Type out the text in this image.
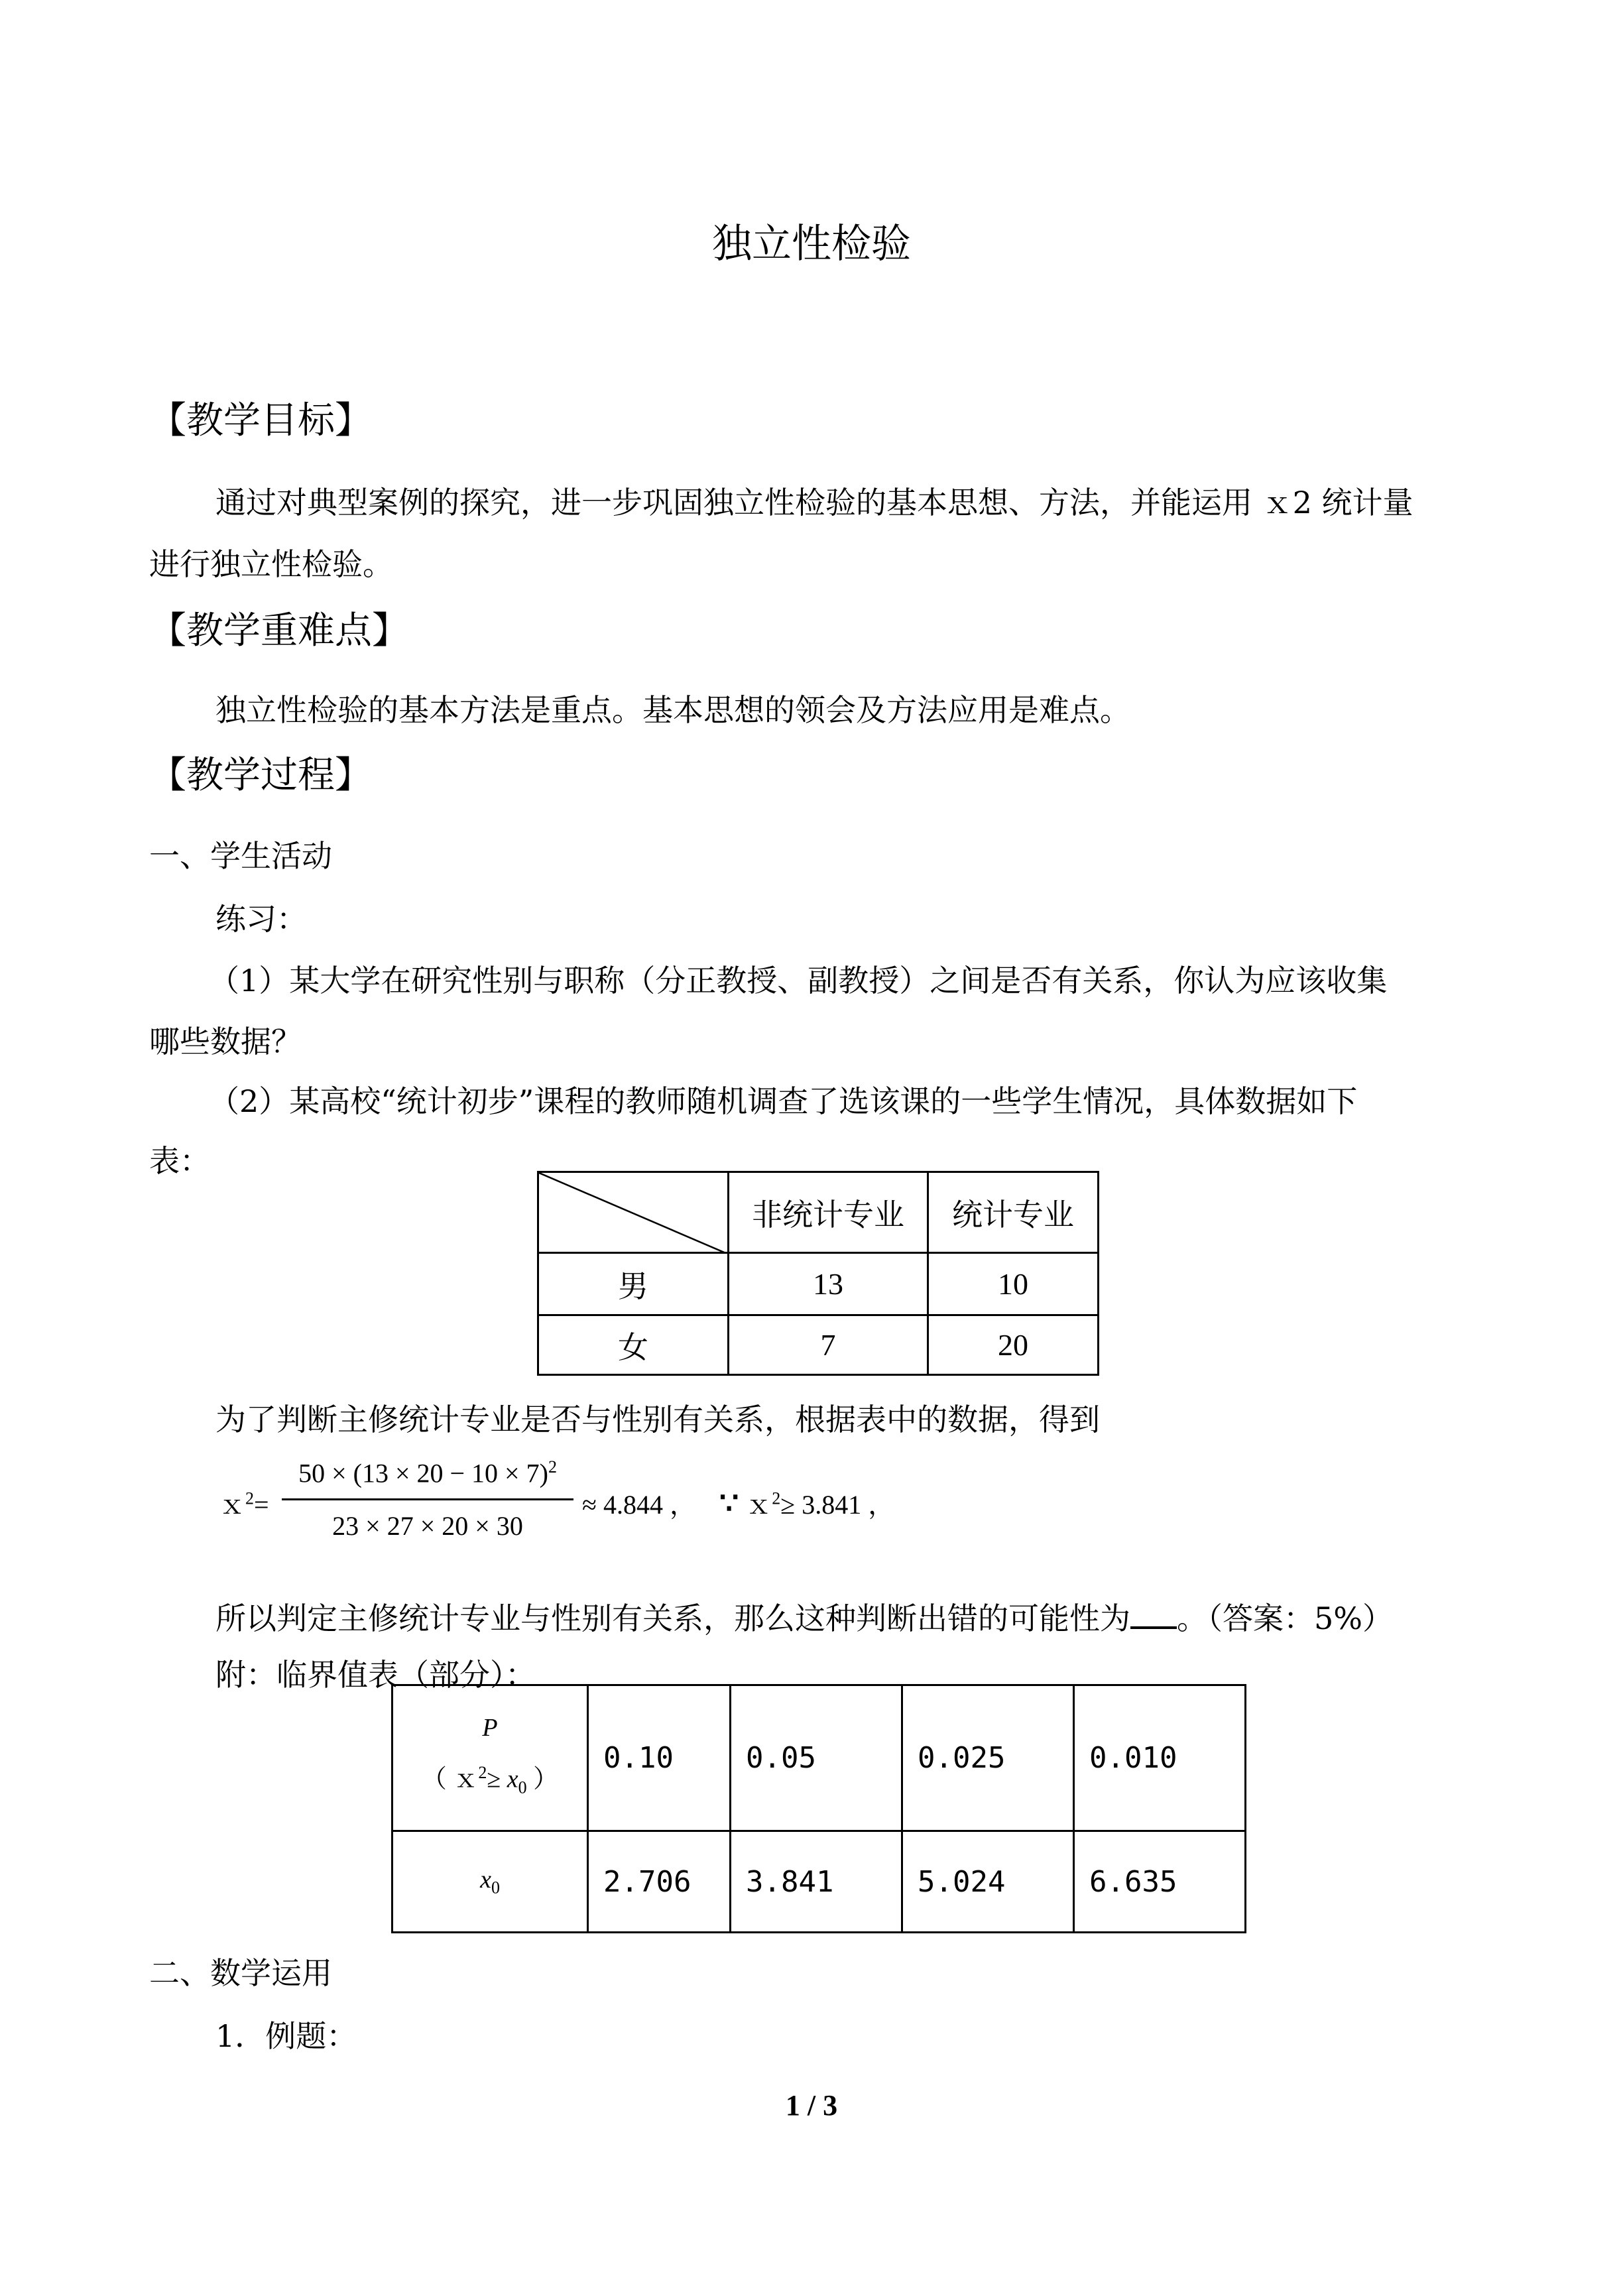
独立性检验
【教学目标】
通过对典型案例的探究，进一步巩固独立性检验的基本思想、方法，并能运用 ｘ2 统计量
进行独立性检验。
【教学重难点】
独立性检验的基本方法是重点。基本思想的领会及方法应用是难点。
【教学过程】
一、学生活动
练习：
（1）某大学在研究性别与职称（分正教授、副教授）之间是否有关系，你认为应该收集
哪些数据？
（2）某高校“统计初步”课程的教师随机调查了选该课的一些学生情况，具体数据如下
表：
	非统计专业	统计专业
男	13	10
女	7	20
为了判断主修统计专业是否与性别有关系，根据表中的数据，得到
ｘ$^2$=
$50 \times (13 \times 20 - 10 \times 7)^2$
23 × 27 × 20 × 30
≈ 4.844 ， ∵ ｘ$^2$≥ 3.841 ，
所以判定主修统计专业与性别有关系，那么这种判断出错的可能性为 。（答案：5%）
附：临界值表（部分）：
P
（ ｘ$^2$≥ $x_0$ ）	0.10	0.05	0.025	0.010
$x_0$	2.706	3.841	5.024	6.635
二、数学运用
1．例题：
1 / 3
